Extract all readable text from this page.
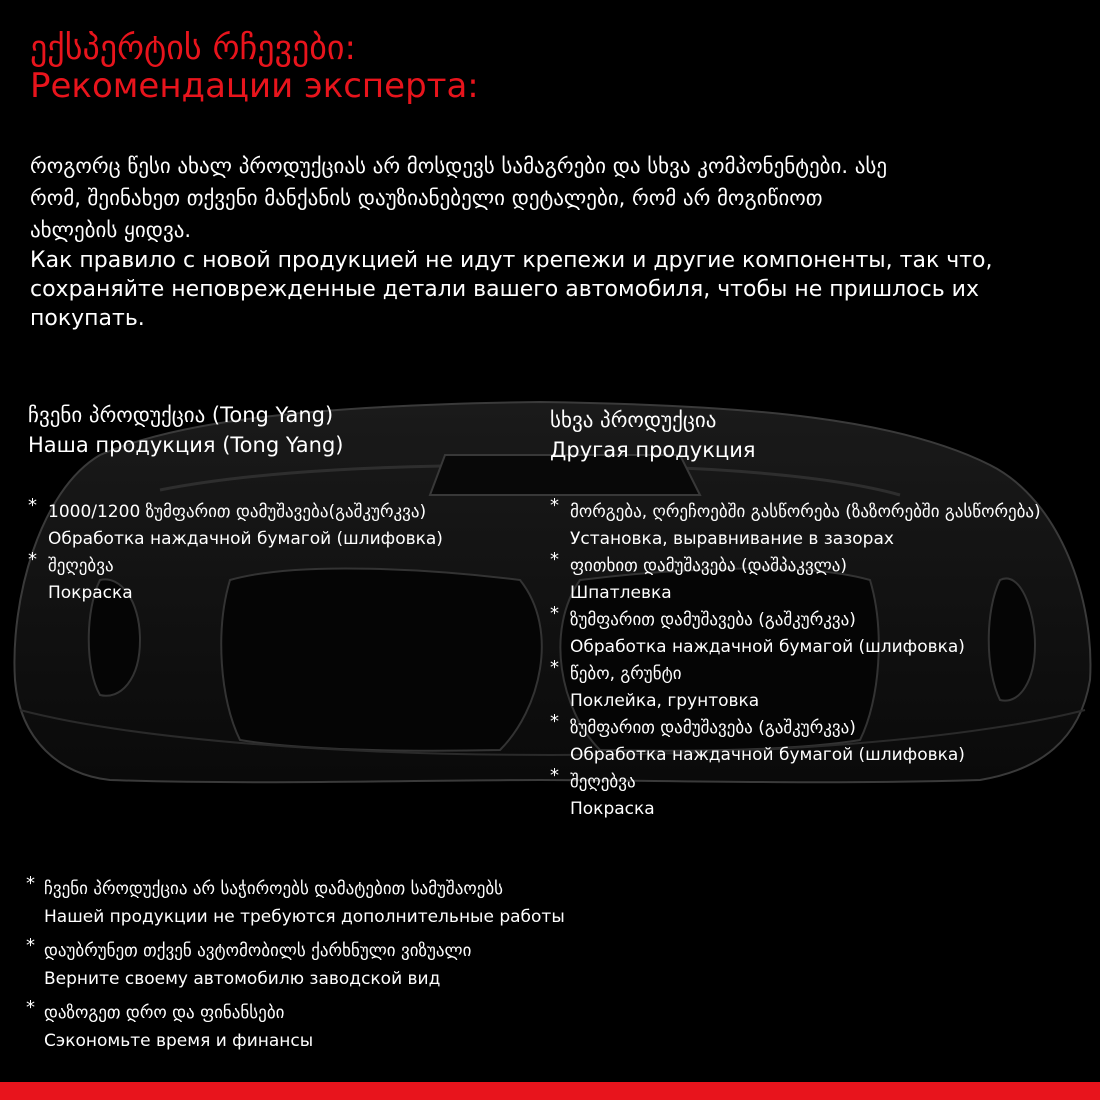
ექსპერტის რჩევები:
Рекомендации эксперта:
როგორც წესი ახალ პროდუქციას არ მოსდევს სამაგრები და სხვა კომპონენტები. ასე
რომ, შეინახეთ თქვენი მანქანის დაუზიანებელი დეტალები, რომ არ მოგიწიოთ
ახლების ყიდვა.
Как правило с новой продукцией не идут крепежи и другие компоненты, так что,
сохраняйте неповрежденные детали вашего автомобиля, чтобы не пришлось их
покупать.
ჩვენი პროდუქცია (Tong Yang)
Наша продукция (Tong Yang)
* 1000/1200 ზუმფარით დამუშავება(გაშკურკვა)
Обработка наждачной бумагой (шлифовка)
* შეღებვა
Покраска
სხვა პროდუქცია
Другая продукция
* მორგება, ღრეჩოებში გასწორება (ზაზორებში გასწორება)
Установка, выравнивание в зазорах
* ფითხით დამუშავება (დაშპაკვლა)
Шпатлевка
* ზუმფარით დამუშავება (გაშკურკვა)
Обработка наждачной бумагой (шлифовка)
* წებო, გრუნტი
Поклейка, грунтовка
* ზუმფარით დამუშავება (გაშკურკვა)
Обработка наждачной бумагой (шлифовка)
* შეღებვა
Покраска
* ჩვენი პროდუქცია არ საჭიროებს დამატებით სამუშაოებს
Нашей продукции не требуются дополнительные работы
* დაუბრუნეთ თქვენ ავტომობილს ქარხნული ვიზუალი
Верните своему автомобилю заводской вид
* დაზოგეთ დრო და ფინანსები
Сэкономьте время и финансы
